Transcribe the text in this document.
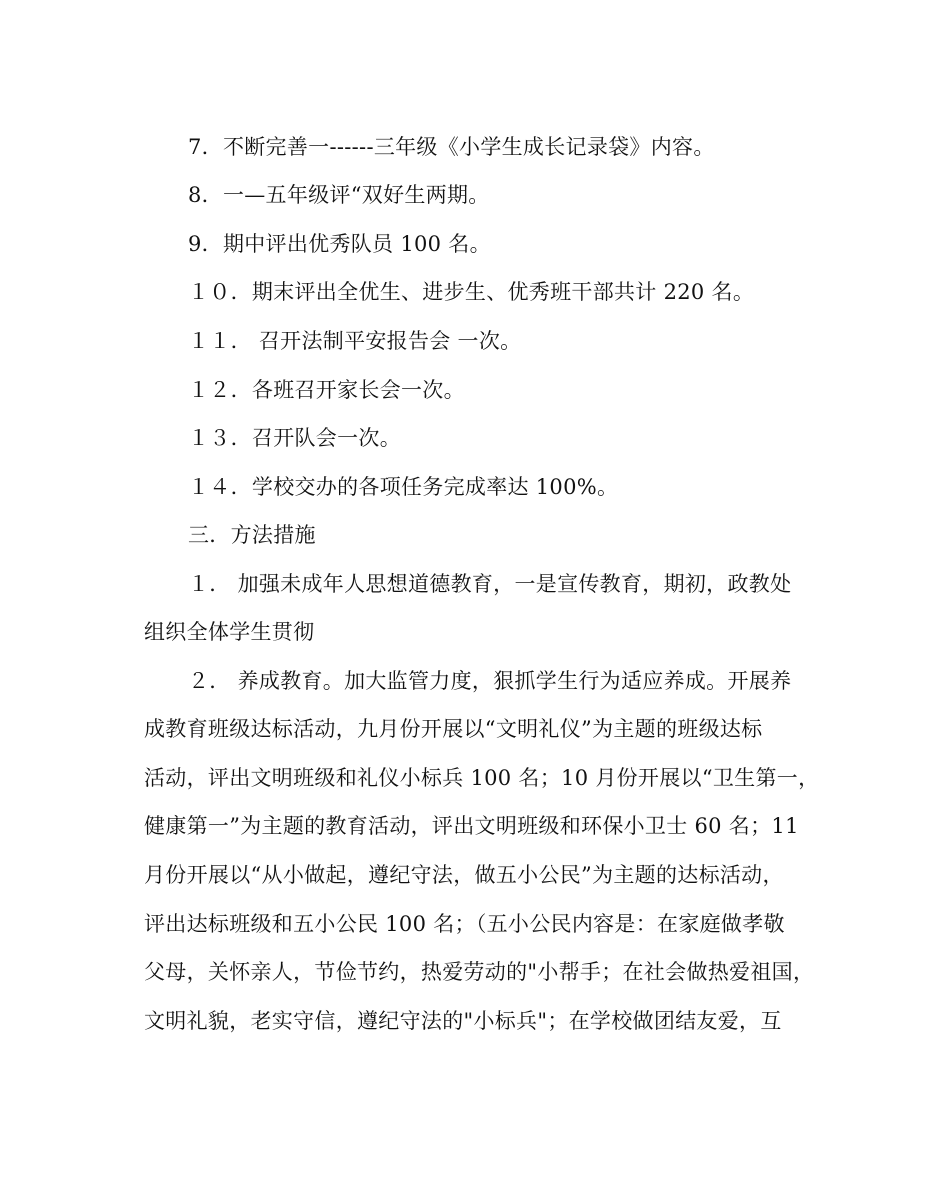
7．不断完善一------三年级《小学生成长记录袋》内容。
8．一—五年级评“双好生两期。
9．期中评出优秀队员 100 名。
１０．期末评出全优生、进步生、优秀班干部共计 220 名。
１１． 召开法制平安报告会 一次。
１２．各班召开家长会一次。
１３．召开队会一次。
１４．学校交办的各项任务完成率达 100%。
三．方法措施
１． 加强未成年人思想道德教育，一是宣传教育，期初，政教处
组织全体学生贯彻
２． 养成教育。加大监管力度，狠抓学生行为适应养成。开展养
成教育班级达标活动，九月份开展以“文明礼仪”为主题的班级达标
活动，评出文明班级和礼仪小标兵 100 名；10 月份开展以“卫生第一，
健康第一”为主题的教育活动，评出文明班级和环保小卫士 60 名；11
月份开展以“从小做起，遵纪守法，做五小公民”为主题的达标活动，
评出达标班级和五小公民 100 名；（五小公民内容是：在家庭做孝敬
父母，关怀亲人，节俭节约，热爱劳动的"小帮手；在社会做热爱祖国，
文明礼貌，老实守信，遵纪守法的"小标兵"；在学校做团结友爱，互
